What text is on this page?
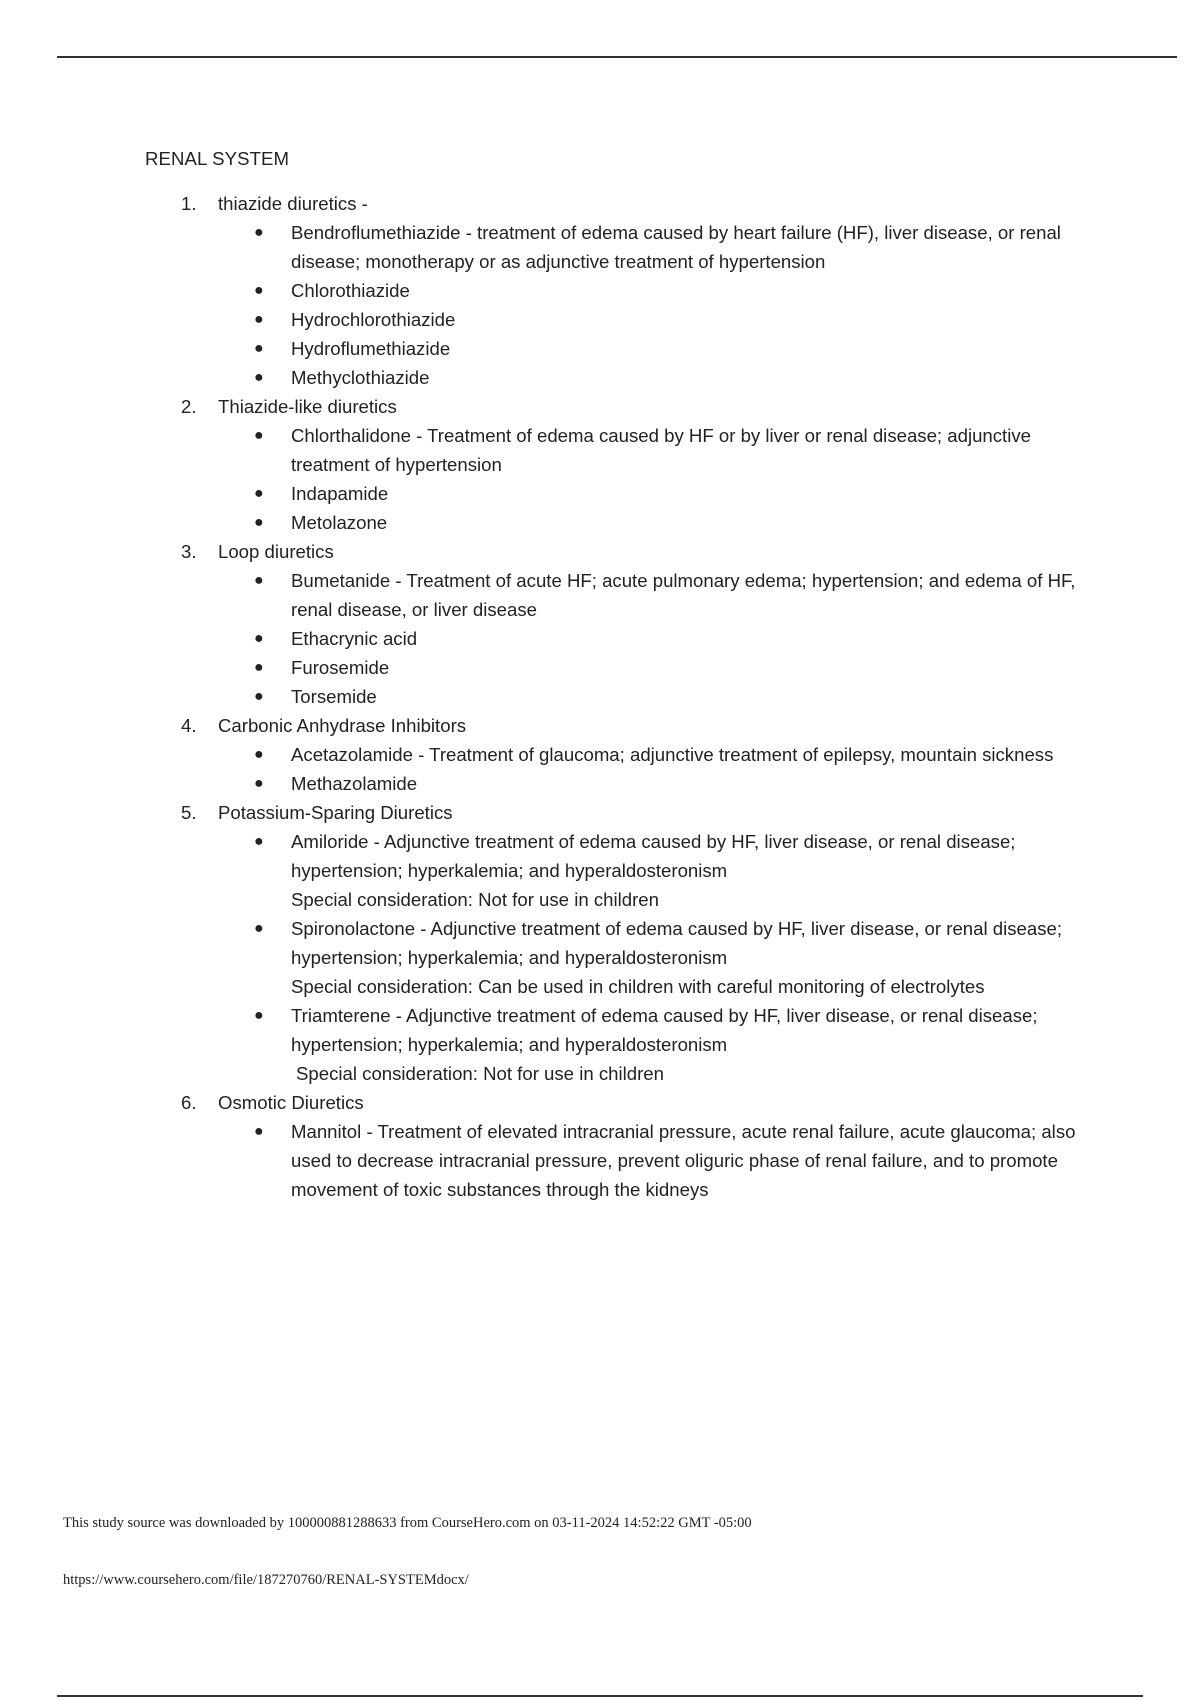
RENAL SYSTEM
1. thiazide diuretics -
● Bendroflumethiazide - treatment of edema caused by heart failure (HF), liver disease, or renal disease; monotherapy or as adjunctive treatment of hypertension
● Chlorothiazide
● Hydrochlorothiazide
● Hydroflumethiazide
● Methyclothiazide
2. Thiazide-like diuretics
● Chlorthalidone - Treatment of edema caused by HF or by liver or renal disease; adjunctive treatment of hypertension
● Indapamide
● Metolazone
3. Loop diuretics
● Bumetanide - Treatment of acute HF; acute pulmonary edema; hypertension; and edema of HF, renal disease, or liver disease
● Ethacrynic acid
● Furosemide
● Torsemide
4. Carbonic Anhydrase Inhibitors
● Acetazolamide - Treatment of glaucoma; adjunctive treatment of epilepsy, mountain sickness
● Methazolamide
5. Potassium-Sparing Diuretics
● Amiloride - Adjunctive treatment of edema caused by HF, liver disease, or renal disease; hypertension; hyperkalemia; and hyperaldosteronism
Special consideration: Not for use in children
● Spironolactone - Adjunctive treatment of edema caused by HF, liver disease, or renal disease; hypertension; hyperkalemia; and hyperaldosteronism
Special consideration: Can be used in children with careful monitoring of electrolytes
● Triamterene - Adjunctive treatment of edema caused by HF, liver disease, or renal disease; hypertension; hyperkalemia; and hyperaldosteronism
Special consideration: Not for use in children
6. Osmotic Diuretics
● Mannitol - Treatment of elevated intracranial pressure, acute renal failure, acute glaucoma; also used to decrease intracranial pressure, prevent oliguric phase of renal failure, and to promote movement of toxic substances through the kidneys
This study source was downloaded by 100000881288633 from CourseHero.com on 03-11-2024 14:52:22 GMT -05:00
https://www.coursehero.com/file/187270760/RENAL-SYSTEMdocx/
